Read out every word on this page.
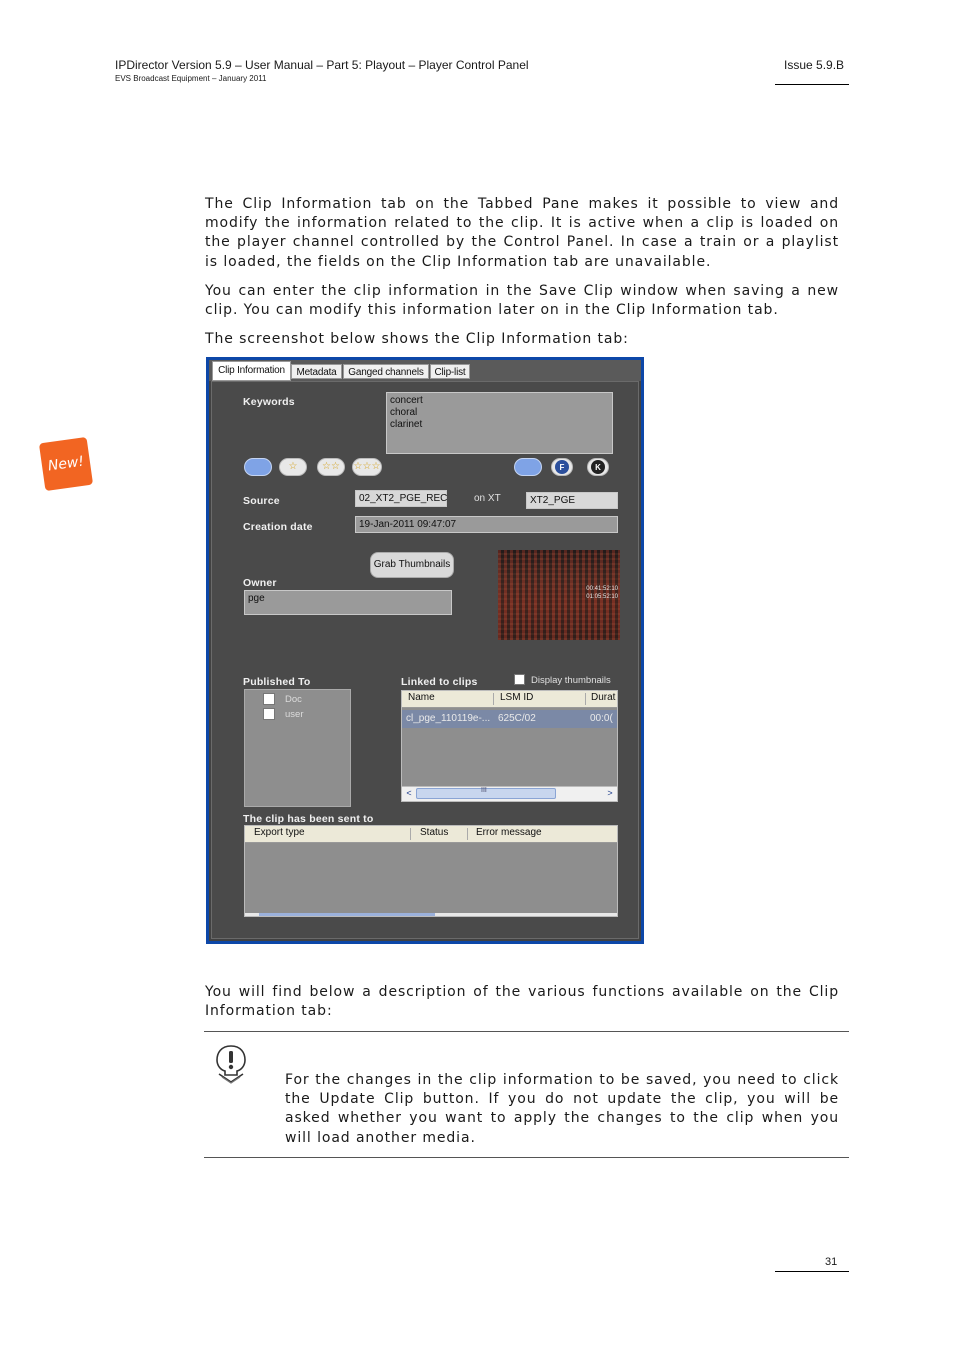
IPDirector Version 5.9 – User Manual – Part 5: Playout – Player Control Panel
EVS Broadcast Equipment – January 2011
Issue 5.9.B
New!
The Clip Information tab on the Tabbed Pane makes it possible to view and modify the information related to the clip. It is active when a clip is loaded on the player channel controlled by the Control Panel. In case a train or a playlist is loaded, the fields on the Clip Information tab are unavailable.
You can enter the clip information in the Save Clip window when saving a new clip. You can modify this information later on in the Clip Information tab.
The screenshot below shows the Clip Information tab:
Clip Information	Metadata	Ganged channels	Clip-list
Keywords	concert
choral
clarinet
☆ ☆☆ ☆☆☆	F	K
Source	02_XT2_PGE_REC	on XT	XT2_PGE
Creation date	19-Jan-2011 09:47:07
Grab Thumbnails
00:41:52:10
01:05:52:10
Owner
pge
Published To
Doc
user
Linked to clips	Display thumbnails
Name	LSM ID	Durat
cl_pge_110119e-... 625C/02	00:0(
<	III	>
The clip has been sent to
Export type	Status	Error message
You will find below a description of the various functions available on the Clip Information tab:
For the changes in the clip information to be saved, you need to click the Update Clip button. If you do not update the clip, you will be asked whether you want to apply the changes to the clip when you will load another media.
31
